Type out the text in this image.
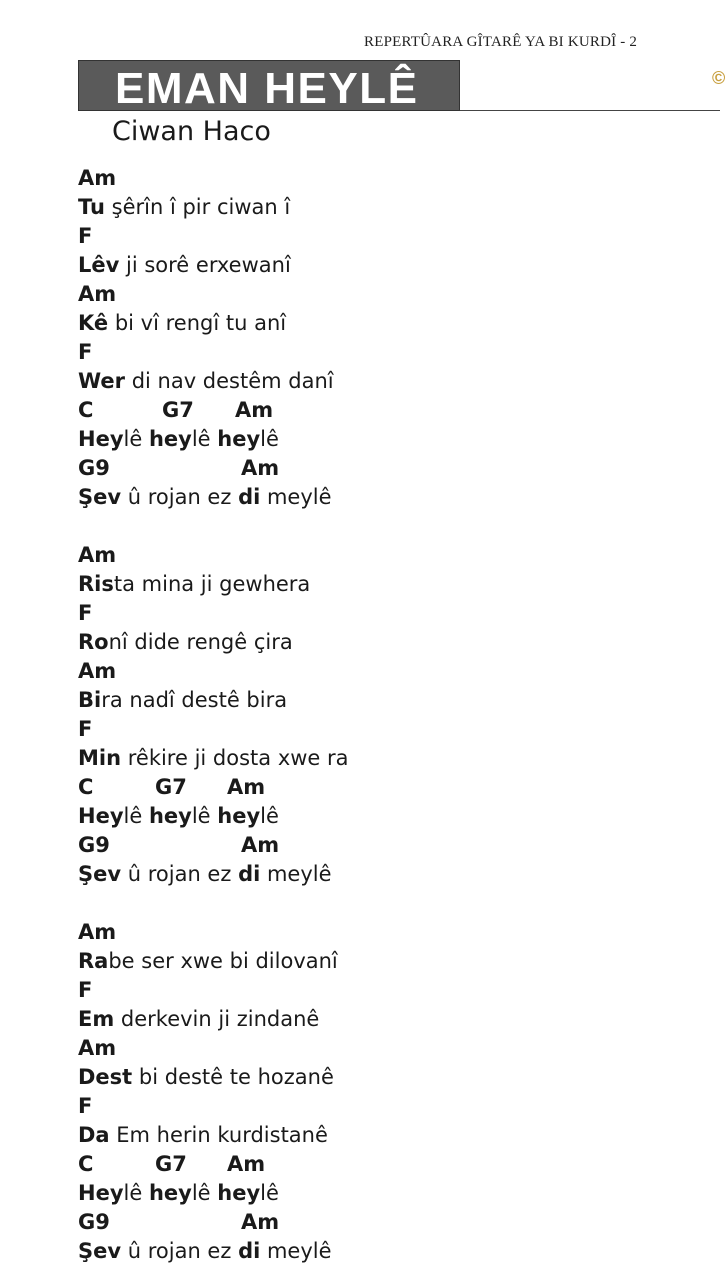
REPERTÛARA GÎTARÊ YA BI KURDÎ - 2
EMAN HEYLÊ	©
Ciwan Haco
Am
Tu şêrîn î pir ciwan î
F
Lêv ji sorê erxewanî
Am
Kê bi vî rengî tu anî
F
Wer di nav destêm danî
C	G7 Am
Heylê heylê heylê
G9	Am
Şev û rojan ez di meylê
Am
Rista mina ji gewhera
F
Ronî dide rengê çira
Am
Bira nadî destê bira
F
Min rêkire ji dosta xwe ra
C	G7 Am
Heylê heylê heylê
G9	Am
Şev û rojan ez di meylê
Am
Rabe ser xwe bi dilovanî
F
Em derkevin ji zindanê
Am
Dest bi destê te hozanê
F
Da Em herin kurdistanê
C	G7 Am
Heylê heylê heylê
G9	Am
Şev û rojan ez di meylê
